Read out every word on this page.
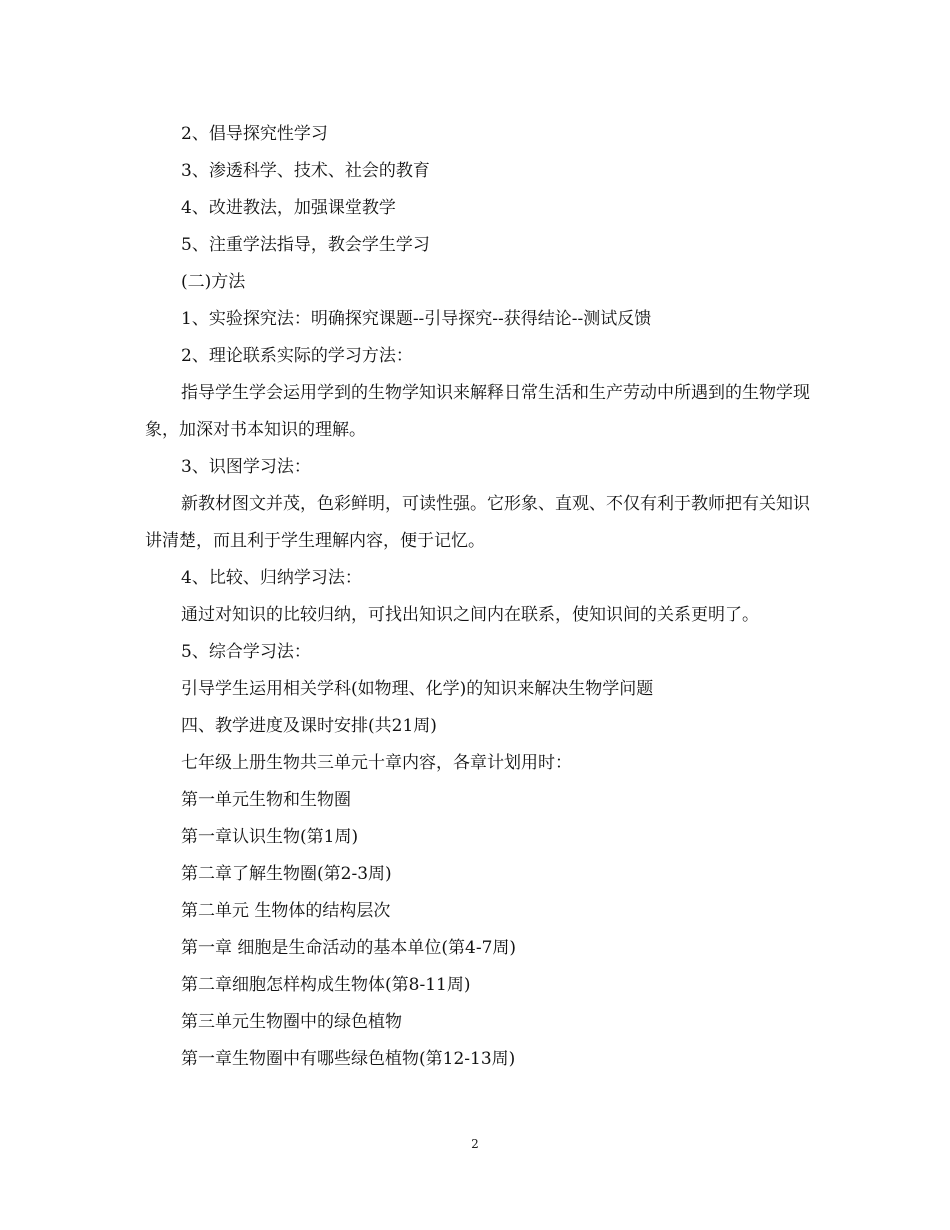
2、倡导探究性学习
3、渗透科学、技术、社会的教育
4、改进教法，加强课堂教学
5、注重学法指导，教会学生学习
(二)方法
1、实验探究法：明确探究课题--引导探究--获得结论--测试反馈
2、理论联系实际的学习方法：
指导学生学会运用学到的生物学知识来解释日常生活和生产劳动中所遇到的生物学现象，加深对书本知识的理解。
3、识图学习法：
新教材图文并茂，色彩鲜明，可读性强。它形象、直观、不仅有利于教师把有关知识讲清楚，而且利于学生理解内容，便于记忆。
4、比较、归纳学习法：
通过对知识的比较归纳，可找出知识之间内在联系，使知识间的关系更明了。
5、综合学习法：
引导学生运用相关学科(如物理、化学)的知识来解决生物学问题
四、教学进度及课时安排(共21周)
七年级上册生物共三单元十章内容，各章计划用时：
第一单元生物和生物圈
第一章认识生物(第1周)
第二章了解生物圈(第2-3周)
第二单元 生物体的结构层次
第一章 细胞是生命活动的基本单位(第4-7周)
第二章细胞怎样构成生物体(第8-11周)
第三单元生物圈中的绿色植物
第一章生物圈中有哪些绿色植物(第12-13周)
2
